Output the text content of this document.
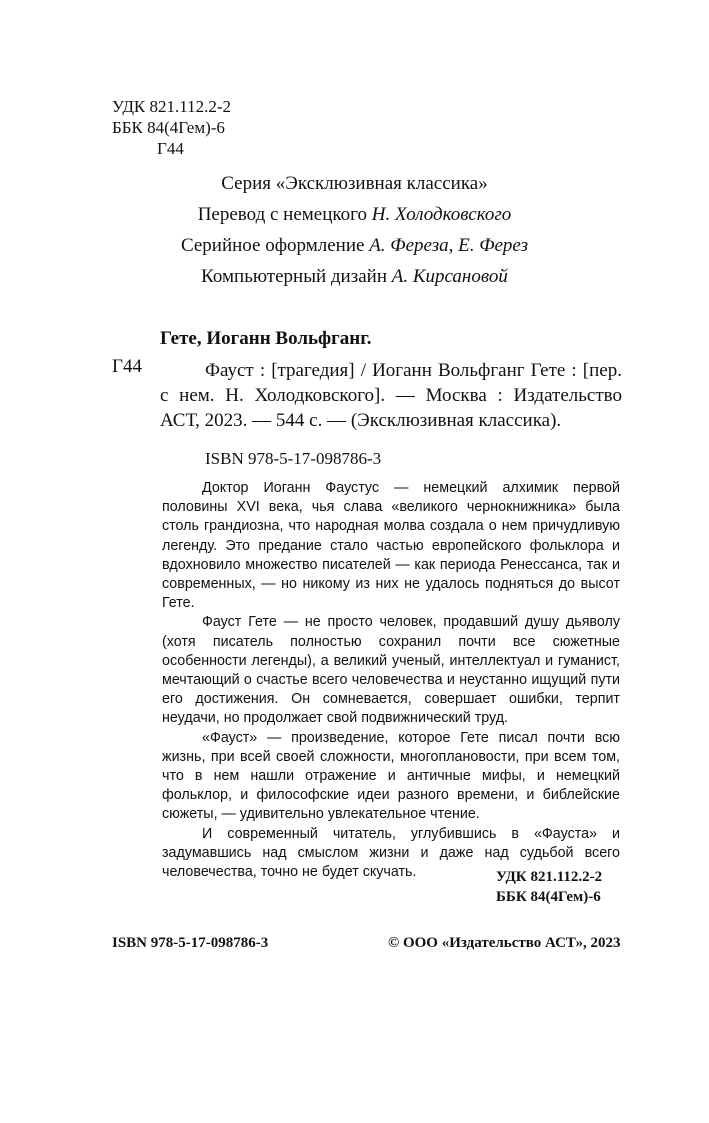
УДК 821.112.2-2
ББК 84(4Гем)-6
Г44

Серия «Эксклюзивная классика»

Перевод с немецкого Н. Холодковского

Серийное оформление А. Фереза, Е. Ферез

Компьютерный дизайн А. Кирсановой

Гете, Иоганн Вольфганг.
Г44	Фауст : [трагедия] / Иоганн Вольфганг Гете : [пер. с нем. Н. Холодковского]. — Москва : Издательство АСТ, 2023. — 544 с. — (Эксклюзивная классика).
ISBN 978-5-17-098786-3

Доктор Иоганн Фаустус — немецкий алхимик первой половины XVI века, чья слава «великого чернокнижника» была столь грандиозна, что народная молва создала о нем причудливую легенду. Это предание стало частью европейского фольклора и вдохновило множество писателей — как периода Ренессанса, так и современных, — но никому из них не удалось подняться до высот Гете.

Фауст Гете — не просто человек, продавший душу дьяволу (хотя писатель полностью сохранил почти все сюжетные особенности легенды), а великий ученый, интеллектуал и гуманист, мечтающий о счастье всего человечества и неустанно ищущий пути его достижения. Он сомневается, совершает ошибки, терпит неудачи, но продолжает свой подвижнический труд.

«Фауст» — произведение, которое Гете писал почти всю жизнь, при всей своей сложности, многоплановости, при всем том, что в нем нашли отражение и античные мифы, и немецкий фольклор, и философские идеи разного времени, и библейские сюжеты, — удивительно увлекательное чтение.

И современный читатель, углубившись в «Фауста» и задумавшись над смыслом жизни и даже над судьбой всего человечества, точно не будет скучать.	УДК 821.112.2-2
ББК 84(4Гем)-6
ISBN 978-5-17-098786-3	© ООО «Издательство АСТ», 2023
